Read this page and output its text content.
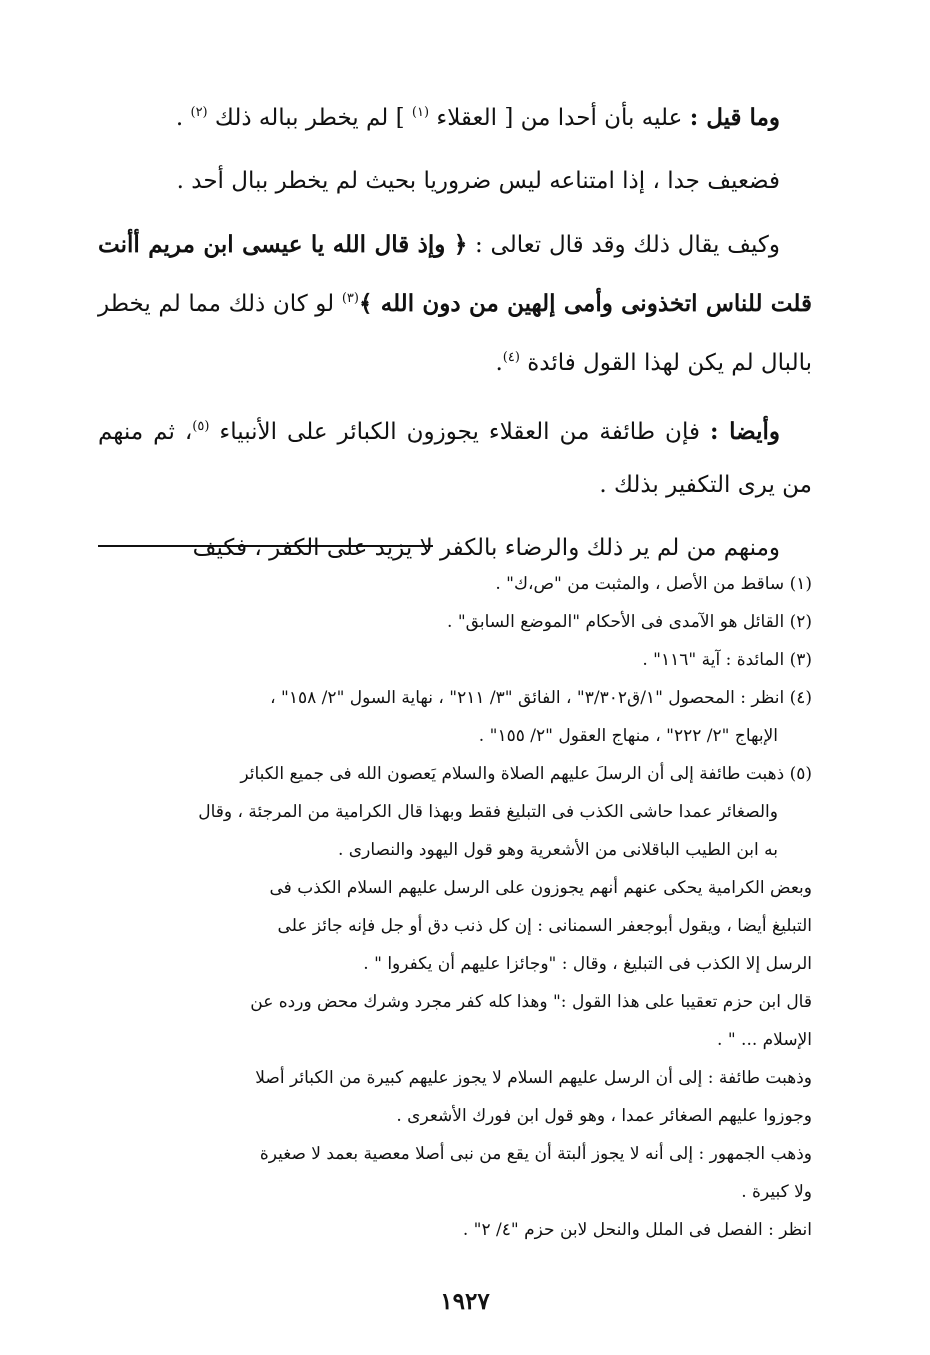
وما قيل : عليه بأن أحدا من [ العقلاء $^{(١)}$ ] لم يخطر بباله ذلك $^{(٢)}$ .

فضعيف جدا ، إذا امتناعه ليس ضروريا بحيث لم يخطر ببال أحد .

وكيف يقال ذلك وقد قال تعالى : ﴿ وإذ قال الله يا عيسى ابن مريم أأنت قلت للناس اتخذونى وأمى إلهين من دون الله ﴾$^{(٣)}$ لو كان ذلك مما لم يخطر بالبال لم يكن لهذا القول فائدة $^{(٤)}$.

وأيضا : فإن طائفة من العقلاء يجوزون الكبائر على الأنبياء $^{(٥)}$، ثم منهم من يرى التكفير بذلك .

ومنهم من لم ير ذلك والرضاء بالكفر لا يزيد على الكفر ، فكيف

(١) ساقط من الأصل ، والمثبت من "ص،ك" .

(٢) القائل هو الآمدى فى الأحكام "الموضع السابق" .

(٣) المائدة : آية "١١٦" .

(٤) انظر : المحصول "١/ق٣/٣٠٢" ، الفائق "٣/ ٢١١" ، نهاية السول "٢/ ١٥٨" ،

الإبهاج "٢/ ٢٢٢" ، منهاج العقول "٢/ ١٥٥" .

(٥) ذهبت طائفة إلى أن الرسلَ عليهم الصلاة والسلام يَعصون الله فى جميع الكبائر

والصغائر عمدا حاشى الكذب فى التبليغ فقط وبهذا قال الكرامية من المرجئة ، وقال

به ابن الطيب الباقلانى من الأشعرية وهو قول اليهود والنصارى .

وبعض الكرامية يحكى عنهم أنهم يجوزون على الرسل عليهم السلام الكذب فى

التبليغ أيضا ، ويقول أبوجعفر السمنانى : إن كل ذنب دق أو جل فإنه جائز على

الرسل إلا الكذب فى التبليغ ، وقال : "وجائزا عليهم أن يكفروا " .

قال ابن حزم تعقيبا على هذا القول :" وهذا كله كفر مجرد وشرك محض ورده عن

الإسلام ... " .

وذهبت طائفة : إلى أن الرسل عليهم السلام لا يجوز عليهم كبيرة من الكبائر أصلا

وجوزوا عليهم الصغائر عمدا ، وهو قول ابن فورك الأشعرى .

وذهب الجمهور : إلى أنه لا يجوز ألبتة أن يقع من نبى أصلا معصية بعمد لا صغيرة

ولا كبيرة .

انظر : الفصل فى الملل والنحل لابن حزم "٤/ ٢" .

١٩٢٧
